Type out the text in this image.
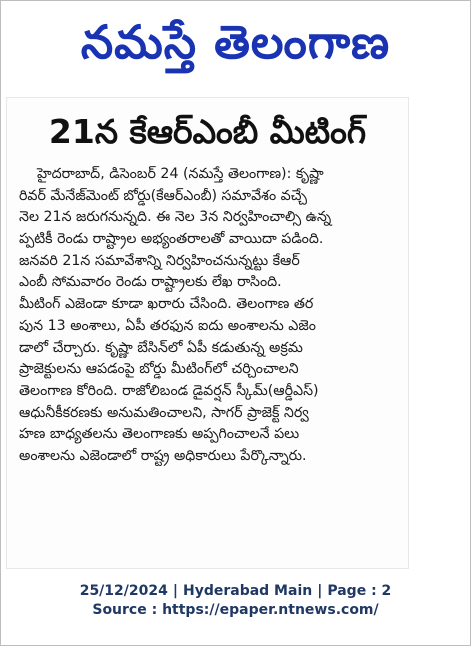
నమస్తే తెలంగాణ
21న కేఆర్‌ఎంబీ మీటింగ్
హైదరాబాద్, డిసెంబర్ 24 (నమస్తే తెలంగాణ): కృష్ణా
రివర్ మేనేజ్‌మెంట్ బోర్డు(కేఆర్‌ఎంబీ) సమావేశం వచ్చే
నెల 21న జరుగనున్నది. ఈ నెల 3న నిర్వహించాల్సి ఉన్న
ప్పటికీ రెండు రాష్ట్రాల అభ్యంతరాలతో వాయిదా పడింది.
జనవరి 21న సమావేశాన్ని నిర్వహించనున్నట్టు కేఆర్
ఎంబీ సోమవారం రెండు రాష్ట్రాలకు లేఖ రాసింది.
మీటింగ్ ఎజెండా కూడా ఖరారు చేసింది. తెలంగాణ తర
పున 13 అంశాలు, ఏపీ తరఫున ఐదు అంశాలను ఎజెం
డాలో చేర్చారు. కృష్ణా బేసిన్‌లో ఏపీ కడుతున్న అక్రమ
ప్రాజెక్టులను ఆపడంపై బోర్డు మీటింగ్‌లో చర్చించాలని
తెలంగాణ కోరింది. రాజోలిబండ డైవర్షన్ స్కీమ్(ఆర్డీఎస్)
ఆధునీకీకరణకు అనుమతించాలని, సాగర్ ప్రాజెక్ట్ నిర్వ
హణ బాధ్యతలను తెలంగాణకు అప్పగించాలనే పలు
అంశాలను ఎజెండాలో రాష్ట్ర అధికారులు పేర్కొన్నారు.
25/12/2024 | Hyderabad Main | Page : 2
Source : https://epaper.ntnews.com/
